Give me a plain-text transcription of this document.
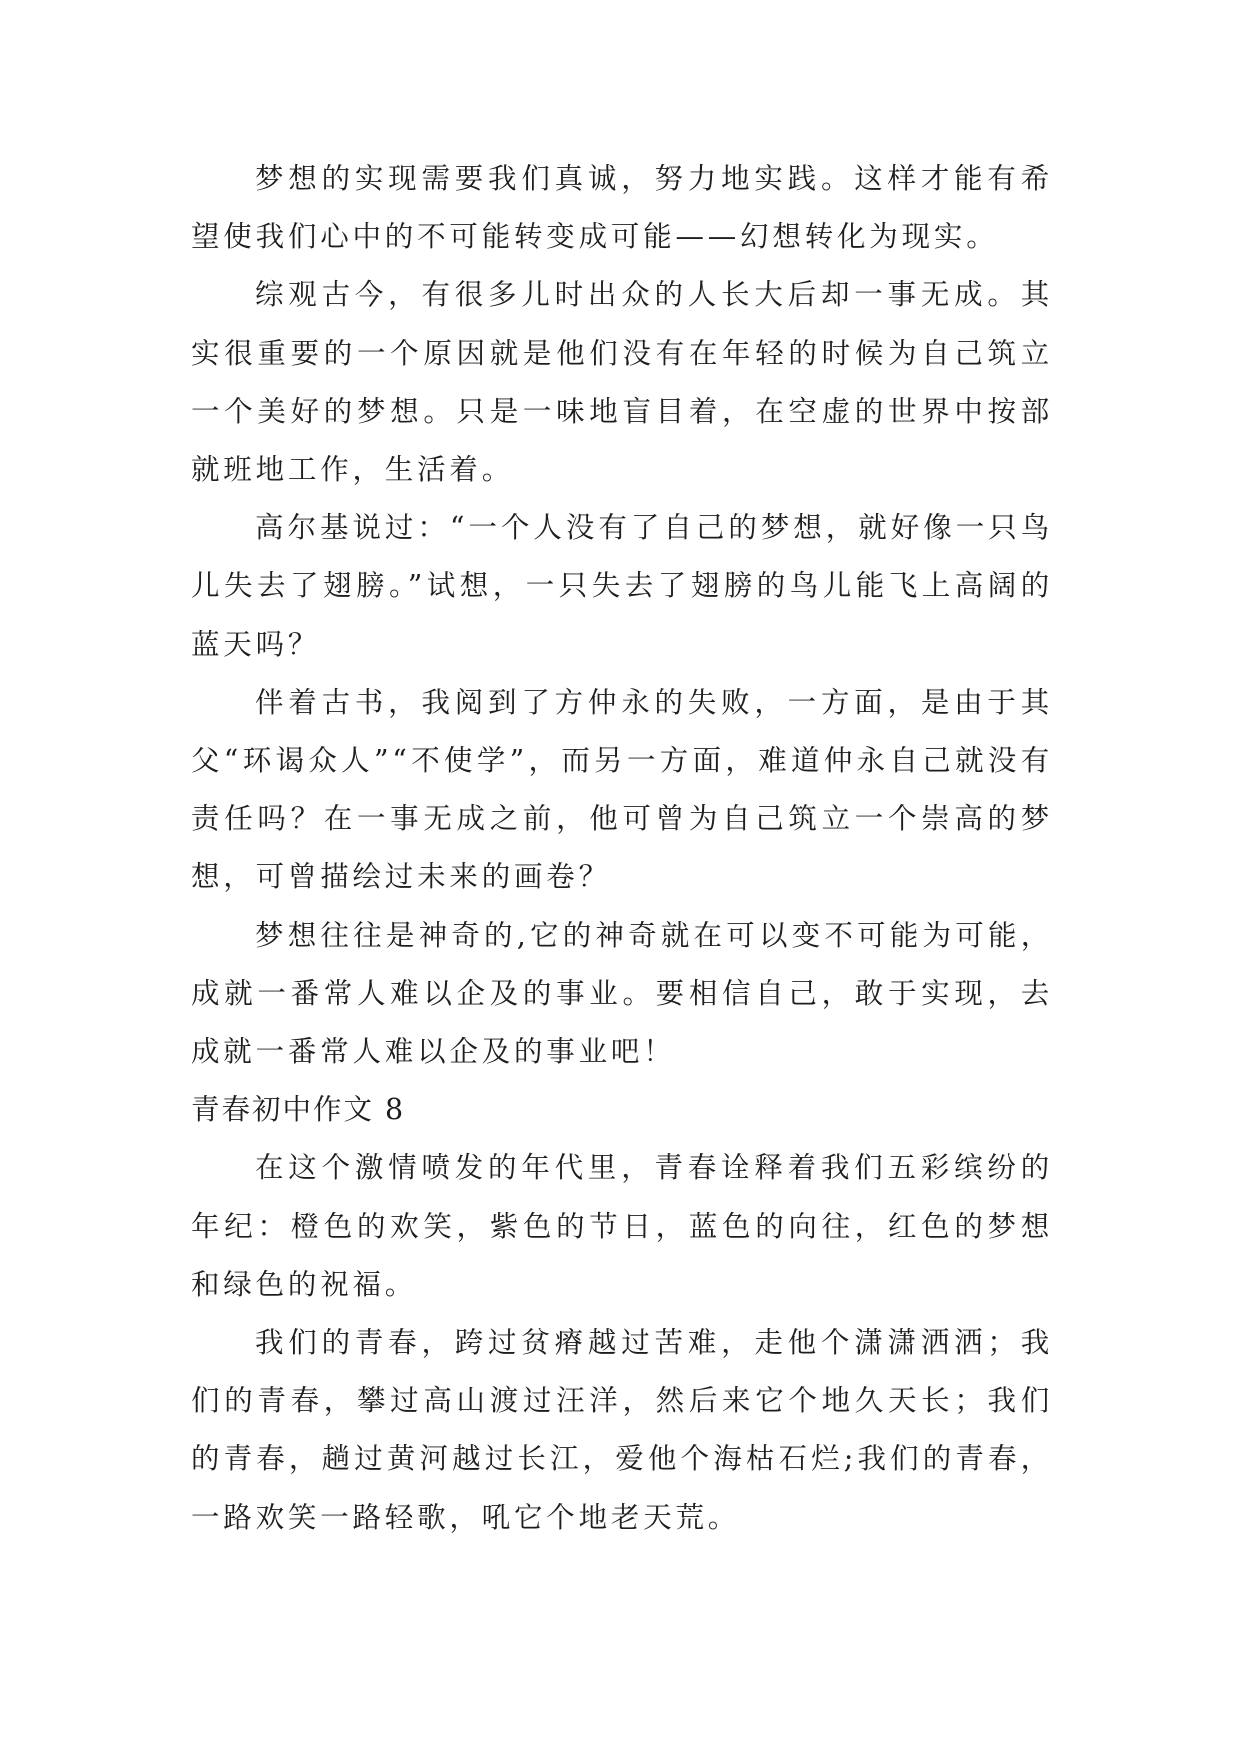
梦想的实现需要我们真诚，努力地实践。这样才能有希望使我们心中的不可能转变成可能——幻想转化为现实。

综观古今，有很多儿时出众的人长大后却一事无成。其实很重要的一个原因就是他们没有在年轻的时候为自己筑立一个美好的梦想。只是一味地盲目着，在空虚的世界中按部就班地工作，生活着。

高尔基说过：“一个人没有了自己的梦想，就好像一只鸟儿失去了翅膀。”试想，一只失去了翅膀的鸟儿能飞上高阔的蓝天吗？

伴着古书，我阅到了方仲永的失败，一方面，是由于其父“环谒众人”“不使学”，而另一方面，难道仲永自己就没有责任吗？在一事无成之前，他可曾为自己筑立一个崇高的梦想，可曾描绘过未来的画卷？

梦想往往是神奇的,它的神奇就在可以变不可能为可能，成就一番常人难以企及的事业。要相信自己，敢于实现，去成就一番常人难以企及的事业吧！

青春初中作文 8

在这个激情喷发的年代里，青春诠释着我们五彩缤纷的年纪：橙色的欢笑，紫色的节日，蓝色的向往，红色的梦想和绿色的祝福。

我们的青春，跨过贫瘠越过苦难，走他个潇潇洒洒；我们的青春，攀过高山渡过汪洋，然后来它个地久天长；我们的青春，趟过黄河越过长江，爱他个海枯石烂;我们的青春，一路欢笑一路轻歌，吼它个地老天荒。
